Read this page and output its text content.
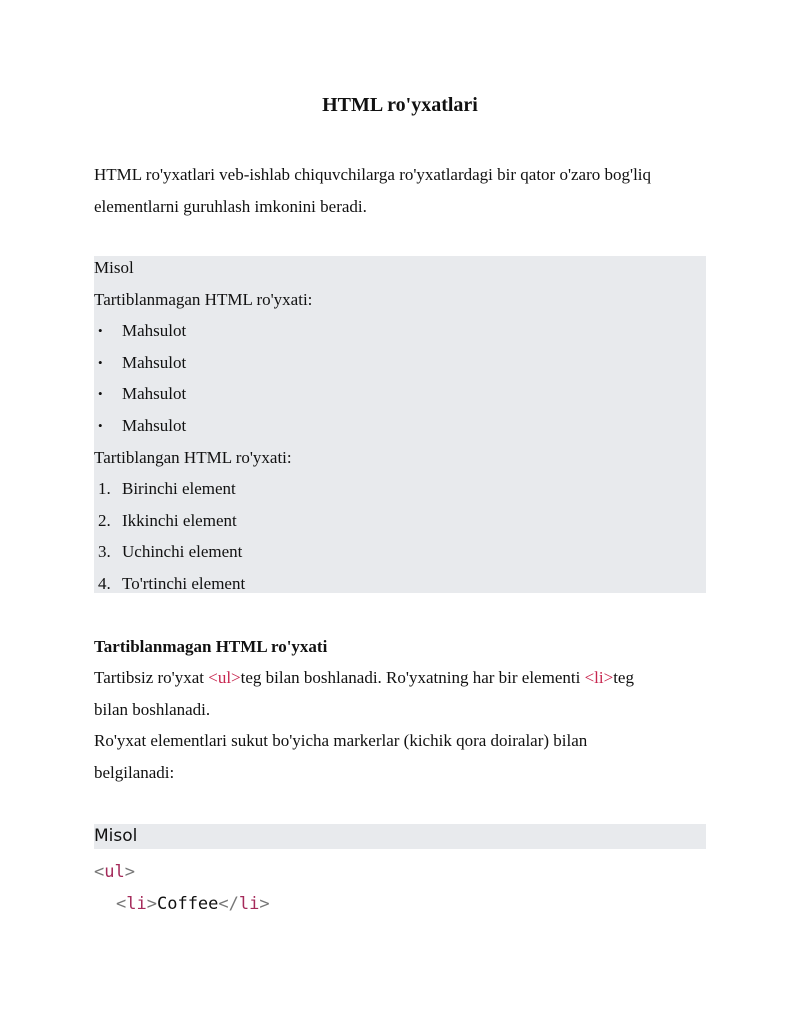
HTML ro'yxatlari
HTML ro'yxatlari veb-ishlab chiquvchilarga ro'yxatlardagi bir qator o'zaro bog'liq
elementlarni guruhlash imkonini beradi.
Misol
Tartiblanmagan HTML ro'yxati:
• Mahsulot
• Mahsulot
• Mahsulot
• Mahsulot
Tartiblangan HTML ro'yxati:
1. Birinchi element
2. Ikkinchi element
3. Uchinchi element
4. To'rtinchi element
Tartiblanmagan HTML ro'yxati
Tartibsiz ro'yxat <ul>teg bilan boshlanadi. Ro'yxatning har bir elementi <li>teg
bilan boshlanadi.
Ro'yxat elementlari sukut bo'yicha markerlar (kichik qora doiralar) bilan
belgilanadi:
Misol
<ul>
<li>Coffee</li>
